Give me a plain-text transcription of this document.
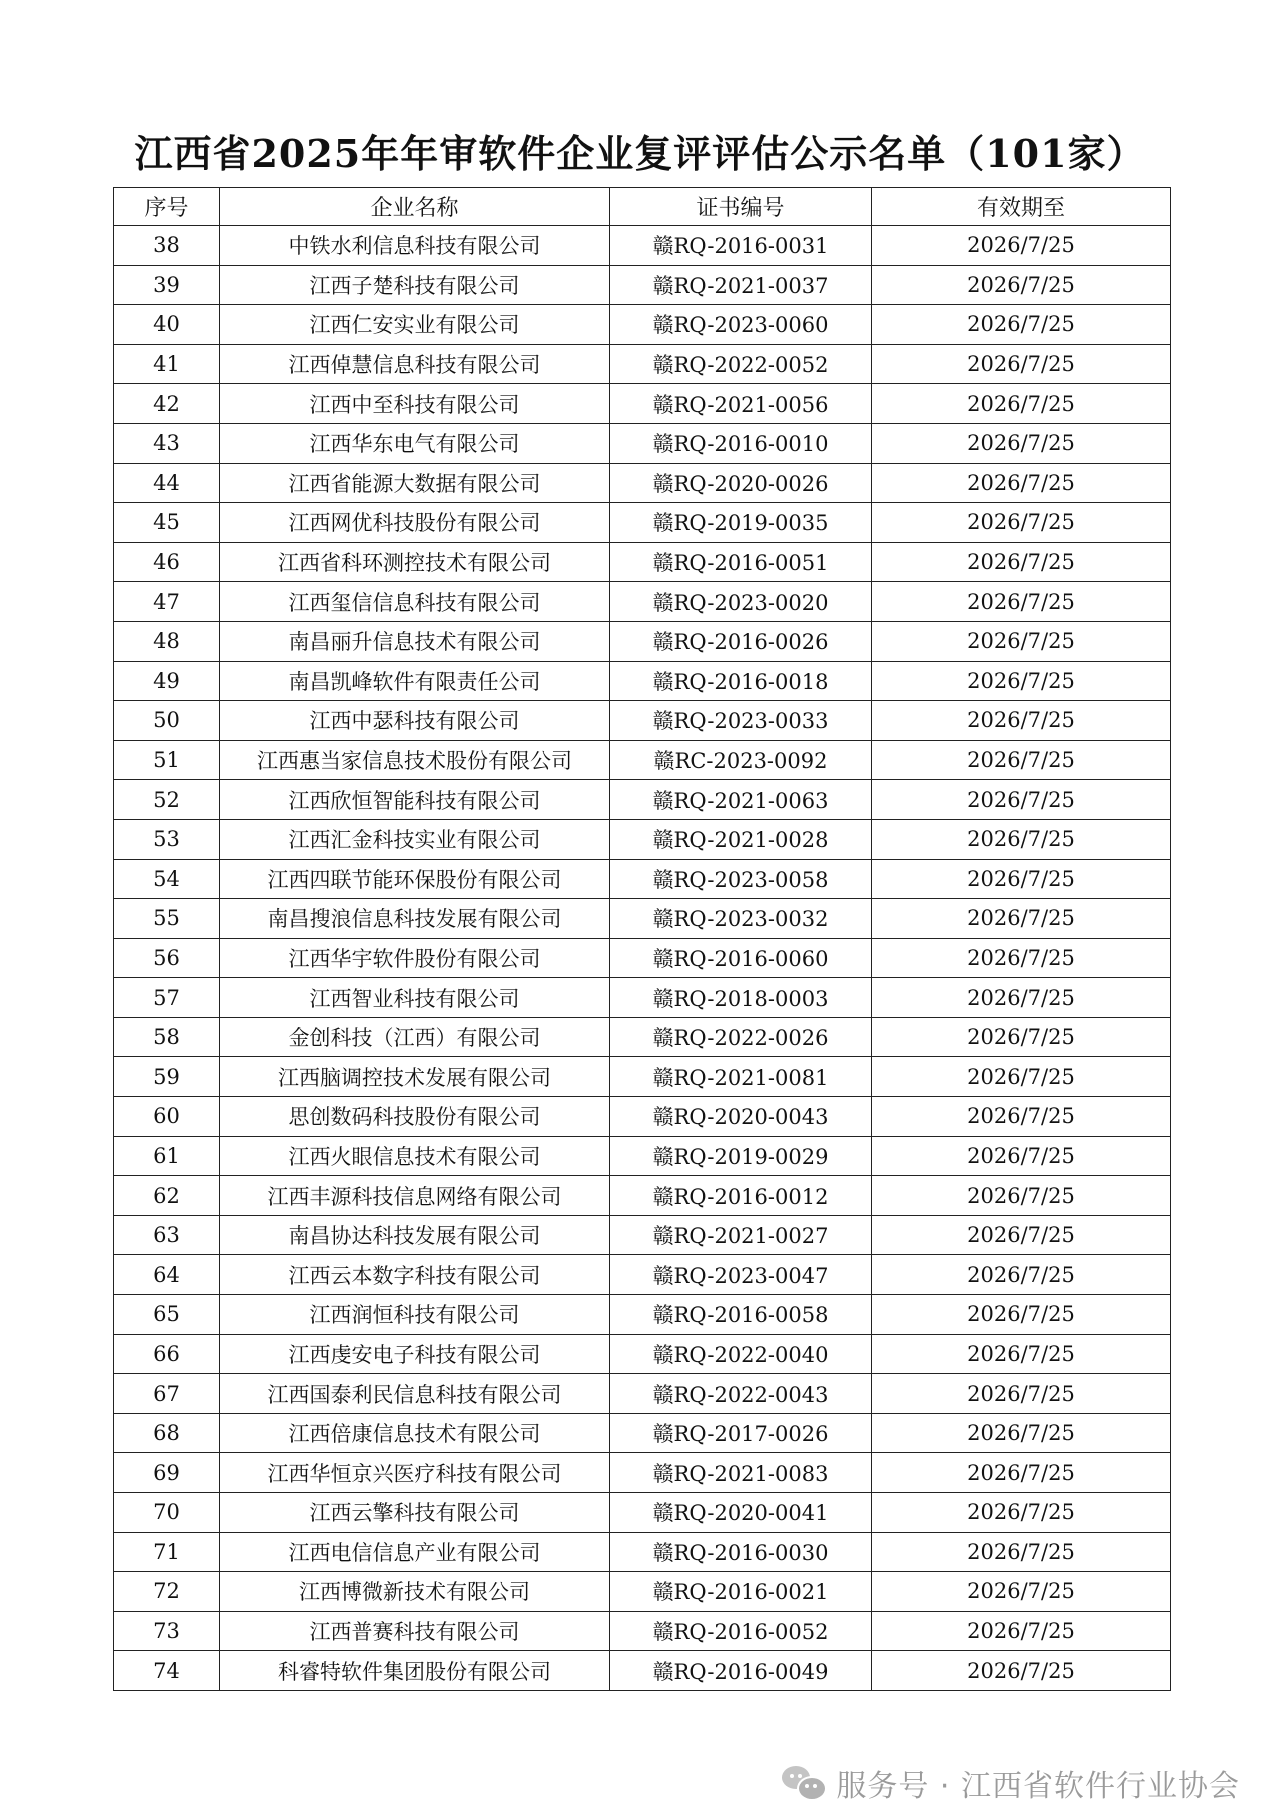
江西省2025年年审软件企业复评评估公示名单（101家）
序号	企业名称	证书编号	有效期至
38	中铁水利信息科技有限公司	赣RQ-2016-0031	2026/7/25
39	江西子楚科技有限公司	赣RQ-2021-0037	2026/7/25
40	江西仁安实业有限公司	赣RQ-2023-0060	2026/7/25
41	江西倬慧信息科技有限公司	赣RQ-2022-0052	2026/7/25
42	江西中至科技有限公司	赣RQ-2021-0056	2026/7/25
43	江西华东电气有限公司	赣RQ-2016-0010	2026/7/25
44	江西省能源大数据有限公司	赣RQ-2020-0026	2026/7/25
45	江西网优科技股份有限公司	赣RQ-2019-0035	2026/7/25
46	江西省科环测控技术有限公司	赣RQ-2016-0051	2026/7/25
47	江西玺信信息科技有限公司	赣RQ-2023-0020	2026/7/25
48	南昌丽升信息技术有限公司	赣RQ-2016-0026	2026/7/25
49	南昌凯峰软件有限责任公司	赣RQ-2016-0018	2026/7/25
50	江西中瑟科技有限公司	赣RQ-2023-0033	2026/7/25
51	江西惠当家信息技术股份有限公司	赣RC-2023-0092	2026/7/25
52	江西欣恒智能科技有限公司	赣RQ-2021-0063	2026/7/25
53	江西汇金科技实业有限公司	赣RQ-2021-0028	2026/7/25
54	江西四联节能环保股份有限公司	赣RQ-2023-0058	2026/7/25
55	南昌搜浪信息科技发展有限公司	赣RQ-2023-0032	2026/7/25
56	江西华宇软件股份有限公司	赣RQ-2016-0060	2026/7/25
57	江西智业科技有限公司	赣RQ-2018-0003	2026/7/25
58	金创科技（江西）有限公司	赣RQ-2022-0026	2026/7/25
59	江西脑调控技术发展有限公司	赣RQ-2021-0081	2026/7/25
60	思创数码科技股份有限公司	赣RQ-2020-0043	2026/7/25
61	江西火眼信息技术有限公司	赣RQ-2019-0029	2026/7/25
62	江西丰源科技信息网络有限公司	赣RQ-2016-0012	2026/7/25
63	南昌协达科技发展有限公司	赣RQ-2021-0027	2026/7/25
64	江西云本数字科技有限公司	赣RQ-2023-0047	2026/7/25
65	江西润恒科技有限公司	赣RQ-2016-0058	2026/7/25
66	江西虔安电子科技有限公司	赣RQ-2022-0040	2026/7/25
67	江西国泰利民信息科技有限公司	赣RQ-2022-0043	2026/7/25
68	江西倍康信息技术有限公司	赣RQ-2017-0026	2026/7/25
69	江西华恒京兴医疗科技有限公司	赣RQ-2021-0083	2026/7/25
70	江西云擎科技有限公司	赣RQ-2020-0041	2026/7/25
71	江西电信信息产业有限公司	赣RQ-2016-0030	2026/7/25
72	江西博微新技术有限公司	赣RQ-2016-0021	2026/7/25
73	江西普赛科技有限公司	赣RQ-2016-0052	2026/7/25
74	科睿特软件集团股份有限公司	赣RQ-2016-0049	2026/7/25
服务号 · 江西省软件行业协会
